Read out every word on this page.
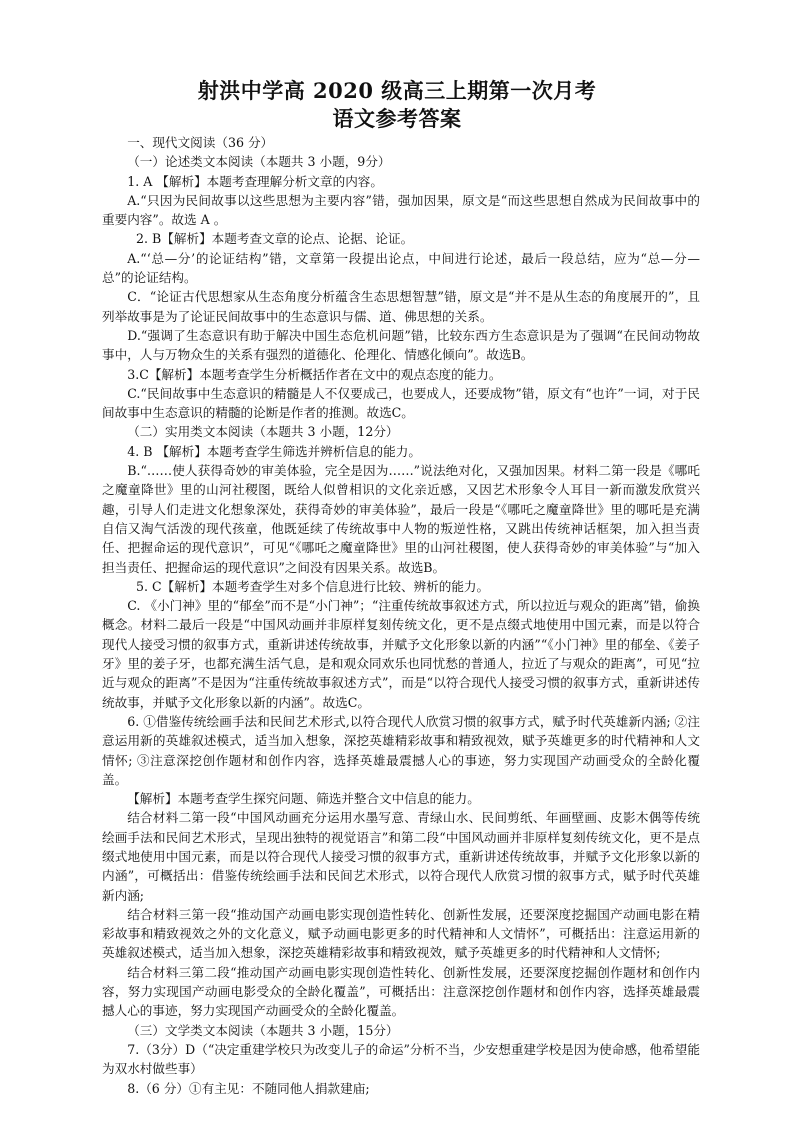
射洪中学高 2020 级高三上期第一次月考
语文参考答案

一、现代文阅读（36 分）

（一）论述类文本阅读（本题共 3 小题，9分）

1. A 【解析】本题考查理解分析文章的内容。

A.“只因为民间故事以这些思想为主要内容”错，强加因果，原文是“而这些思想自然成为民间故事中的重要内容”。故选 A 。

2. B【解析】本题考查文章的论点、论据、论证。

A.“‘总—分’的论证结构”错，文章第一段提出论点，中间进行论述，最后一段总结，应为“总—分—总”的论证结构。

C．“论证古代思想家从生态角度分析蕴含生态思想智慧”错，原文是“并不是从生态的角度展开的”，且列举故事是为了论证民间故事中的生态意识与儒、道、佛思想的关系。

D.“强调了生态意识有助于解决中国生态危机问题”错，比较东西方生态意识是为了强调“在民间动物故事中，人与万物众生的关系有强烈的道德化、伦理化、情感化倾向”。故选B。

3.C【解析】本题考查学生分析概括作者在文中的观点态度的能力。

C.“民间故事中生态意识的精髓是人不仅要成己，也要成人，还要成物”错，原文有“也许”一词，对于民间故事中生态意识的精髓的论断是作者的推测。故选C。

（二）实用类文本阅读（本题共 3 小题，12分）

4. B 【解析】本题考查学生筛选并辨析信息的能力。

B.“……使人获得奇妙的审美体验，完全是因为……”说法绝对化，又强加因果。材料二第一段是《哪吒之魔童降世》里的山河社稷图，既给人似曾相识的文化亲近感，又因艺术形象令人耳目一新而激发欣赏兴趣，引导人们走进文化想象深处，获得奇妙的审美体验”，最后一段是“《哪吒之魔童降世》里的哪吒是充满自信又淘气活泼的现代孩童，他既延续了传统故事中人物的叛逆性格，又跳出传统神话框架，加入担当责任、把握命运的现代意识”，可见“《哪吒之魔童降世》里的山河社稷图，使人获得奇妙的审美体验”与“加入担当责任、把握命运的现代意识”之间没有因果关系。故选B。

5. C【解析】本题考查学生对多个信息进行比较、辨析的能力。

C. 《小门神》里的“郁垒”而不是“小门神”；“注重传统故事叙述方式，所以拉近与观众的距离”错，偷换概念。材料二最后一段是“中国风动画并非原样复刻传统文化，更不是点缀式地使用中国元素，而是以符合现代人接受习惯的叙事方式，重新讲述传统故事，并赋予文化形象以新的内涵”“《小门神》里的郁垒、《姜子牙》里的姜子牙，也都充满生活气息，是和观众同欢乐也同忧愁的普通人，拉近了与观众的距离”，可见“拉近与观众的距离”不是因为“注重传统故事叙述方式”，而是“以符合现代人接受习惯的叙事方式，重新讲述传统故事，并赋予文化形象以新的内涵”。故选C。

6. ①借鉴传统绘画手法和民间艺术形式,以符合现代人欣赏习惯的叙事方式，赋予时代英雄新内涵; ②注意运用新的英雄叙述模式，适当加入想象，深挖英雄精彩故事和精致视效，赋予英雄更多的时代精神和人文情怀; ③注意深挖创作题材和创作内容，选择英雄最震撼人心的事迹，努力实现国产动画受众的全龄化覆盖。

【解析】本题考查学生探究问题、筛选并整合文中信息的能力。

结合材料二第一段“中国风动画充分运用水墨写意、青绿山水、民间剪纸、年画壁画、皮影木偶等传统绘画手法和民间艺术形式，呈现出独特的视觉语言”和第二段“中国风动画并非原样复刻传统文化，更不是点缀式地使用中国元素，而是以符合现代人接受习惯的叙事方式，重新讲述传统故事，并赋予文化形象以新的内涵”，可概括出：借鉴传统绘画手法和民间艺术形式，以符合现代人欣赏习惯的叙事方式，赋予时代英雄新内涵;

结合材料三第一段“推动国产动画电影实现创造性转化、创新性发展，还要深度挖掘国产动画电影在精彩故事和精致视效之外的文化意义，赋予动画电影更多的时代精神和人文情怀”，可概括出：注意运用新的英雄叙述模式，适当加入想象，深挖英雄精彩故事和精致视效，赋予英雄更多的时代精神和人文情怀;

结合材料三第二段“推动国产动画电影实现创造性转化、创新性发展，还要深度挖掘创作题材和创作内容，努力实现国产动画电影受众的全龄化覆盖”，可概括出：注意深挖创作题材和创作内容，选择英雄最震撼人心的事迹，努力实现国产动画受众的全龄化覆盖。

（三）文学类文本阅读（本题共 3 小题，15分）

7.（3分）D（“决定重建学校只为改变儿子的命运”分析不当，少安想重建学校是因为使命感，他希望能为双水村做些事）

8.（6 分）①有主见：不随同他人捐款建庙;
